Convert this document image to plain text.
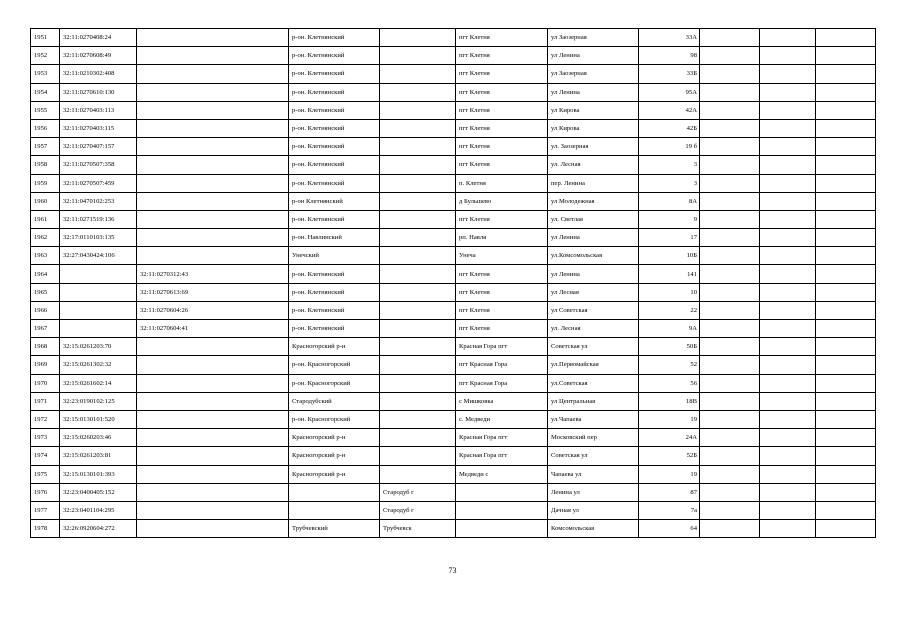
1951	32:11:0270408:24		р-он. Клетнянский		пгт Клетня	ул Заозерная	33А			
1952	32:11:0270608:49		р-он. Клетнянский		пгт Клетня	ул Ленина	98			
1953	32:11:0210302:408		р-он. Клетнянский		пгт Клетня	ул Заозерная	33Б			
1954	32:11:0270610:130		р-он. Клетнянский		пгт Клетня	ул Ленина	95А			
1955	32:11:0270403:113		р-он. Клетнянский		пгт Клетня	ул Кирова	42А			
1956	32:11:0270403:115		р-он. Клетнянский		пгт Клетня	ул Кирова	42Б			
1957	32:11:0270407:157		р-он. Клетнянский		пгт Клетня	ул. Заозерная	19 б			
1958	32:11:0270507:358		р-он. Клетнянский		пгт Клетня	ул. Лесная	3			
1959	32:11:0270507:459		р-он. Клетнянский		п. Клетня	пер. Ленина	3			
1960	32:11:0470102:253		р-он Клетнянский		д Бульшево	ул Молодежная	8А			
1961	32:11:0271519:136		р-он. Клетнянский		пгт Клетня	ул. Светлая	9			
1962	32:17:0110103:135		р-он. Навлинский		рп. Навля	ул Ленина	17			
1963	32:27:0430424:106		Унечский		Унеча	ул.Комсомольская	10Б			
1964		32:11:0270312:43	р-он. Клетнянский		пгт Клетня	ул Ленина	141			
1965		32:11:0270613:69	р-он. Клетнянский		пгт Клетня	ул Лесная	10			
1966		32:11:0270604:26	р-он. Клетнянский		пгт Клетня	ул Советская	22			
1967		32:11:0270604:41	р-он. Клетнянский		пгт Клетня	ул. Лесная	9А			
1968	32:15:0261203:70		Красногорский р-н		Красная Гора пгт	Советская ул	50Б			
1969	32:15:0261302:32		р-он. Красногорский		пгт Красная Гора	ул.Первомайская	52			
1970	32:15:0261602:14		р-он. Красногорский		пгт Красная Гора	ул.Советская	56			
1971	32:23:0190102:125		Стародубский		с Мишковка	ул Центральная	18В			
1972	32:15:0130101:520		р-он. Красногорский		с. Медведи	ул.Чапаева	19			
1973	32:15:0260203:46		Красногорский р-н		Красная Гора пгт	Московский пер	24А			
1974	32:15:0261203:81		Красногорский р-н		Красная Гора пгт	Советская ул	52Б			
1975	32:15:0130101:393		Красногорский р-н		Медведи с	Чапаева ул	19			
1976	32:23:0400405:152			Стародуб г		Ленина ул	87			
1977	32:23:0401104:295			Стародуб г		Дачная ул	7а			
1978	32:26:0920604:272		Трубчевский	Трубчевск		Комсомольская	64			
73
